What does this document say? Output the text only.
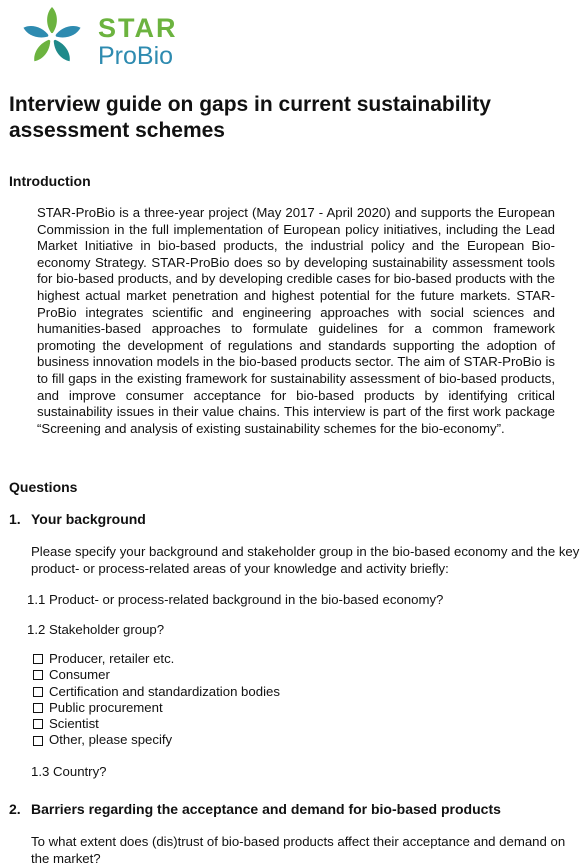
STAR
ProBio
Interview guide on gaps in current sustainability assessment schemes
Introduction

STAR-ProBio is a three-year project (May 2017 - April 2020) and supports the European Commission in the full implementation of European policy initiatives, including the Lead Market Initiative in bio-based products, the industrial policy and the European Bio-economy Strategy. STAR-ProBio does so by developing sustainability assessment tools for bio-based products, and by developing credible cases for bio-based products with the highest actual market penetration and highest potential for the future markets. STAR-ProBio integrates scientific and engineering approaches with social sciences and humanities-based approaches to formulate guidelines for a common framework promoting the development of regulations and standards supporting the adoption of business innovation models in the bio-based products sector. The aim of STAR-ProBio is to fill gaps in the existing framework for sustainability assessment of bio-based products, and improve consumer acceptance for bio-based products by identifying critical sustainability issues in their value chains. This interview is part of the first work package “Screening and analysis of existing sustainability schemes for the bio-economy”.

Questions
1. Your background

Please specify your background and stakeholder group in the bio-based economy and the key product- or process-related areas of your knowledge and activity briefly:

1.1 Product- or process-related background in the bio-based economy?

1.2 Stakeholder group?

Producer, retailer etc.
Consumer
Certification and standardization bodies
Public procurement
Scientist
Other, please specify

1.3 Country?

2. Barriers regarding the acceptance and demand for bio-based products

To what extent does (dis)trust of bio-based products affect their acceptance and demand on the market?
